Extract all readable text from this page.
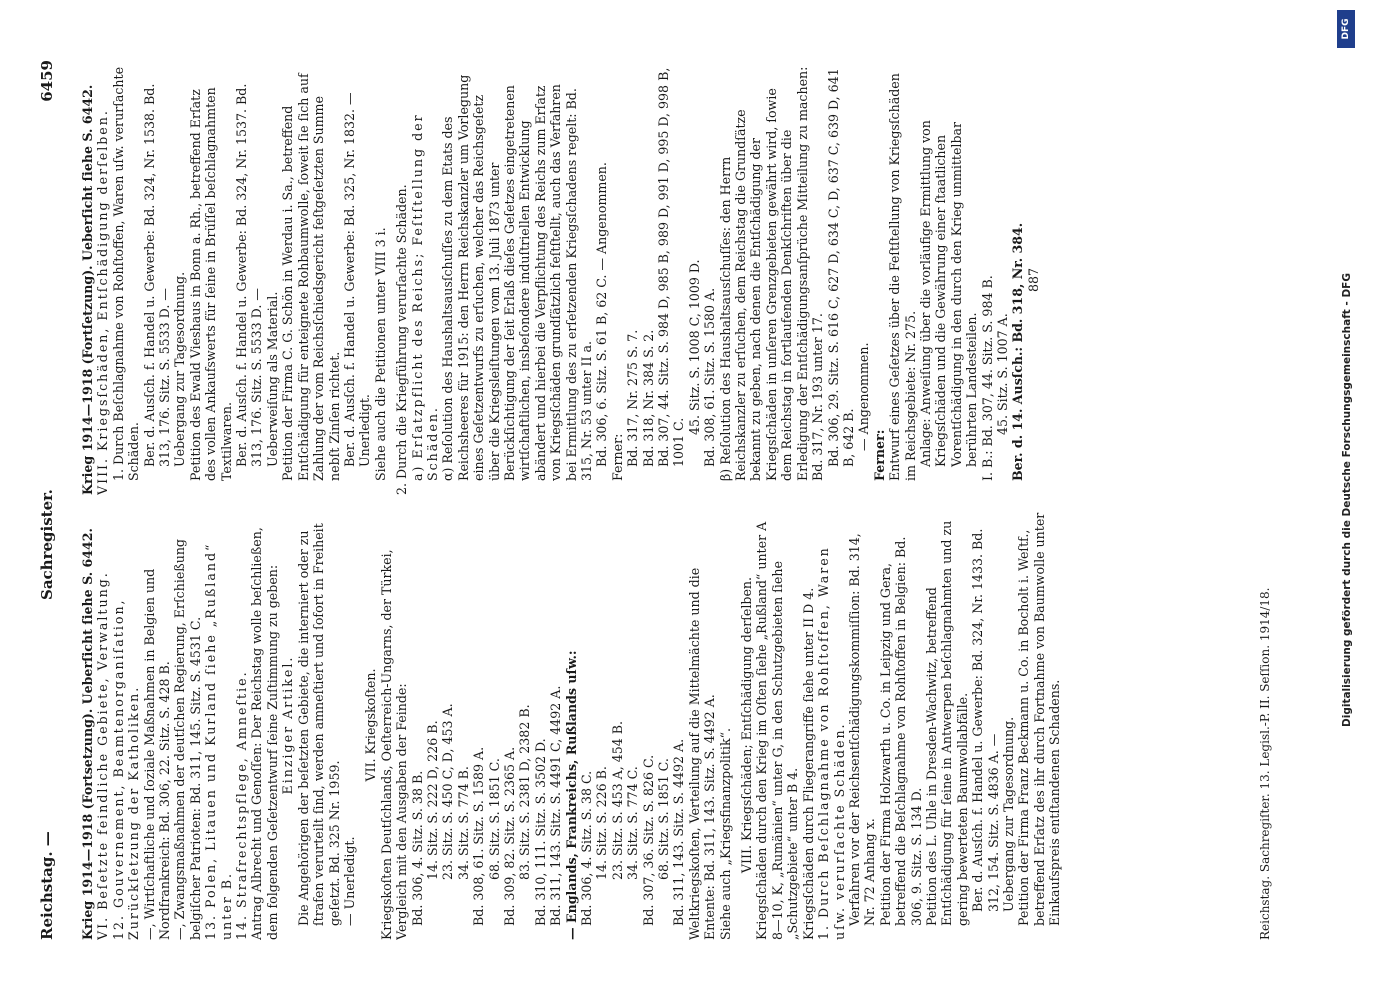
Digitalisierung gefördert durch die Deutsche Forschungsgemeinschaft - DFG
DFG
Reichstag. —
Sachregister.
6459

Krieg 1914—1918 (Fortsetzung). Ueberſicht ſiehe S. 6442. VI. Beſetzte feindliche Gebiete, Verwaltung. 12. Gouvernement, Beamtenorganiſation, Zurückſetzung der Katholiken. —, Wirtſchaftliche und ſoziale Maßnahmen in Belgien und Nordfrankreich: Bd. 306, 22. Sitz. S. 428 B. —, Zwangsmaßnahmen der deutſchen Regierung, Erſchießung belgiſcher Patrioten: Bd. 311, 145. Sitz. S. 4531 C. 13. Polen, Litauen und Kurland ſiehe „Rußland“ unter B. 14. Strafrechtspflege, Amneſtie. Antrag Albrecht und Genoſſen: Der Reichstag wolle beſchließen, dem folgenden Geſetzentwurf ſeine Zuſtimmung zu geben: Einziger Artikel. Die Angehörigen der beſetzten Gebiete, die interniert oder zu ſtrafen verurteilt ſind, werden amneſtiert und ſofort in Freiheit geſetzt. Bd. 325 Nr. 1959. — Unerledigt.

VII. Kriegskoſten. Kriegskoſten Deutſchlands, Oeſterreich-Ungarns, der Türkei, Vergleich mit den Ausgaben der Feinde: Bd. 306, 4. Sitz. S. 38 B. 14. Sitz. S. 222 D, 226 B. 23. Sitz. S. 450 C, D, 453 A. 34. Sitz. S. 774 B. Bd. 308, 61. Sitz. S. 1589 A. 68. Sitz. S. 1851 C. Bd. 309, 82. Sitz. S. 2365 A. 83. Sitz. S. 2381 D, 2382 B. Bd. 310, 111. Sitz. S. 3502 D. Bd. 311, 143. Sitz. S. 4491 C, 4492 A. — Englands, Frankreichs, Rußlands uſw.: Bd. 306, 4. Sitz. S. 38 C. 14. Sitz. S. 226 B. 23. Sitz. S. 453 A, 454 B. 34. Sitz. S. 774 C. Bd. 307, 36. Sitz. S. 826 C. 68. Sitz. S. 1851 C. Bd. 311, 143. Sitz. S. 4492 A. Weltkriegskoſten, Verteilung auf die Mittelmächte und die Entente: Bd. 311, 143. Sitz. S. 4492 A. Siehe auch „Kriegsfinanzpolitik“. VIII. Kriegsſchäden; Entſchädigung derſelben. Kriegsſchäden durch den Krieg im Oſten ſiehe „Rußland“ unter A 8—10, K, „Rumänien“ unter G, in den Schutzgebieten ſiehe „Schutzgebiete“ unter B 4. Kriegsſchäden durch Fliegerangriffe ſiehe unter II D 4. 1. Durch Beſchlagnahme von Rohſtoffen, Waren uſw. verurſachte Schäden. Verfahren vor der Reichsentſchädigungskommiſſion: Bd. 314, Nr. 72 Anhang x. Petition der Firma Holzwarth u. Co. in Leipzig und Gera, betreffend die Beſchlagnahme von Rohſtoffen in Belgien: Bd. 306, 9. Sitz. S. 134 D. Petition des L. Uhle in Dresden-Wachwitz, betreffend Entſchädigung für ſeine in Antwerpen beſchlagnahmten und zu gering bewerteten Baumwollabfälle. Ber. d. Ausſch. f. Handel u. Gewerbe: Bd. 324, Nr. 1433. Bd. 312, 154. Sitz. S. 4836 A. — Uebergang zur Tagesordnung. Petition der Firma Franz Beckmann u. Co. in Bocholt i. Weſtf., betreffend Erſatz des ihr durch Fortnahme von Baumwolle unter Einkaufspreis entſtandenen Schadens.

Krieg 1914—1918 (Fortſetzung). Ueberſicht ſiehe S. 6442. VIII. Kriegsſchäden, Entſchädigung derſelben. 1. Durch Beſchlagnahme von Rohſtoffen, Waren uſw. verurſachte Schäden. Ber. d. Ausſch. f. Handel u. Gewerbe: Bd. 324, Nr. 1538. Bd. 313, 176. Sitz. S. 5533 D. — Uebergang zur Tagesordnung. Petition des Ewald Vieshaus in Bonn a. Rh., betreffend Erſatz des vollen Ankaufswerts für ſeine in Brüſſel beſchlagnahmten Textilwaren. Ber. d. Ausſch. f. Handel u. Gewerbe: Bd. 324, Nr. 1537. Bd. 313, 176. Sitz. S. 5533 D. — Ueberweiſung als Material. Petition der Firma C. G. Schön in Werdau i. Sa., betreffend Entſchädigung für enteignete Rohbaumwolle, ſoweit ſie ſich auf Zahlung der vom Reichsſchiedsgericht feſtgeſetzten Summe nebſt Zinſen richtet. Ber. d. Ausſch. f. Handel u. Gewerbe: Bd. 325, Nr. 1832. — Unerledigt. Siehe auch die Petitionen unter VIII 3 i. 2. Durch die Kriegführung verurſachte Schäden. a) Erſatzpflicht des Reichs; Feſtſtellung der Schäden. α) Reſolution des Haushaltsausſchuſſes zu dem Etats des Reichsheeres für 1915: den Herrn Reichskanzler um Vorlegung eines Geſetzentwurfs zu erſuchen, welcher das Reichsgeſetz über die Kriegsleiſtungen vom 13. Juli 1873 unter Berückſichtigung der ſeit Erlaß dieſes Geſetzes eingetretenen wirtſchaftlichen, insbeſondere induſtriellen Entwicklung abändert und hierbei die Verpflichtung des Reichs zum Erſatz von Kriegsſchäden grundſätzlich feſtſtellt, auch das Verfahren bei Ermittlung des zu erſetzenden Kriegsſchadens regelt: Bd. 315, Nr. 53 unter II a. Bd. 306, 6. Sitz. S. 61 B, 62 C. — Angenommen. Ferner: Bd. 317, Nr. 275 S. 7. Bd. 318, Nr. 384 S. 2. Bd. 307, 44. Sitz. S. 984 D, 985 B, 989 D, 991 D, 995 D, 998 B, 1001 C.

45. Sitz. S. 1008 C, 1009 D. Bd. 308, 61. Sitz. S. 1580 A. β) Reſolution des Haushaltsausſchuſſes: den Herrn Reichskanzler zu erſuchen, dem Reichstag die Grundſätze bekannt zu geben, nach denen die Entſchädigung der Kriegsſchäden in unſeren Grenzgebieten gewährt wird, ſowie dem Reichstag in fortlaufenden Denkſchriften über die Erledigung der Entſchädigungsanſprüche Mitteilung zu machen: Bd. 317, Nr. 193 unter 17. Bd. 306, 29. Sitz. S. 616 C, 627 D, 634 C, D, 637 C, 639 D, 641 B, 642 B. — Angenommen.

Ferner: Entwurf eines Geſetzes über die Feſtſtellung von Kriegsſchäden im Reichsgebiete: Nr. 275. Anlage: Anweiſung über die vorläufige Ermittlung von Kriegsſchäden und die Gewährung einer ſtaatlichen Vorentſchädigung in den durch den Krieg unmittelbar berührten Landesteilen. I. B.: Bd. 307, 44. Sitz. S. 984 B. 45. Sitz. S. 1007 A. Ber. d. 14. Ausſch.: Bd. 318, Nr. 384. 887

Reichstag. Sachregiſter. 13. Legisl.-P. II. Seſſion. 1914/18.
